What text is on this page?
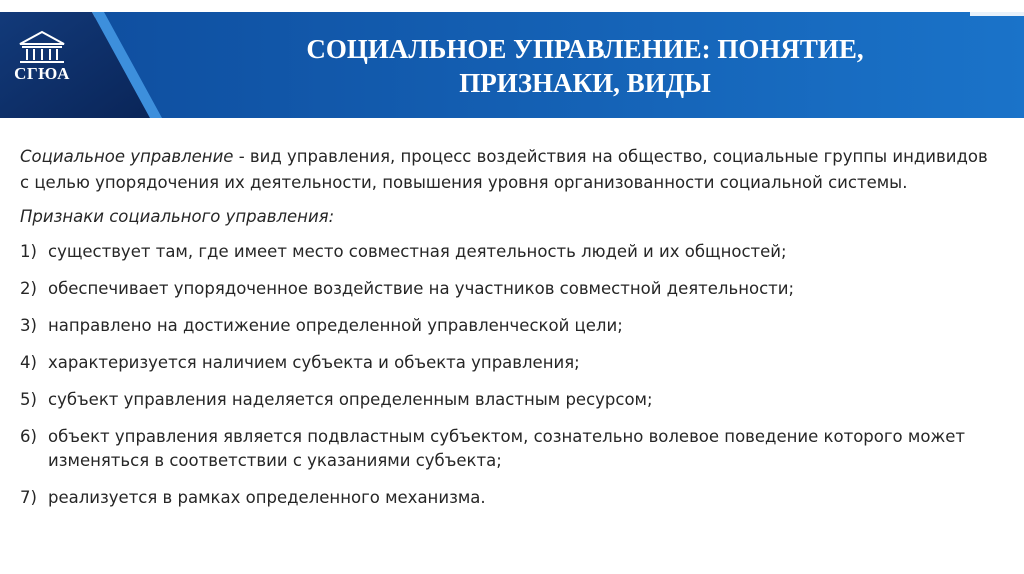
СГЮА
СОЦИАЛЬНОЕ УПРАВЛЕНИЕ: ПОНЯТИЕ,
ПРИЗНАКИ, ВИДЫ

Социальное управление - вид управления, процесс воздействия на общество, социальные группы индивидов с целью упорядочения их деятельности, повышения уровня организованности социальной системы.

Признаки социального управления:

1) существует там, где имеет место совместная деятельность людей и их общностей;
2) обеспечивает упорядоченное воздействие на участников совместной деятельности;
3) направлено на достижение определенной управленческой цели;
4) характеризуется наличием субъекта и объекта управления;
5) субъект управления наделяется определенным властным ресурсом;
6) объект управления является подвластным субъектом, сознательно волевое поведение которого может изменяться в соответствии с указаниями субъекта;
7) реализуется в рамках определенного механизма.
